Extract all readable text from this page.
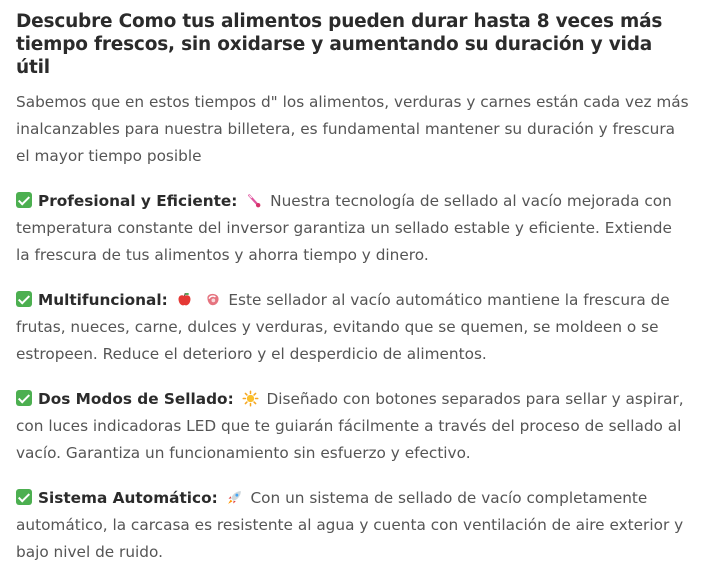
Descubre Como tus alimentos pueden durar hasta 8 veces más tiempo frescos, sin oxidarse y aumentando su duración y vida útil

Sabemos que en estos tiempos d" los alimentos, verduras y carnes están cada vez más inalcanzables para nuestra billetera, es fundamental mantener su duración y frescura el mayor tiempo posible

Profesional y Eficiente: Nuestra tecnología de sellado al vacío mejorada con temperatura constante del inversor garantiza un sellado estable y eficiente. Extiende la frescura de tus alimentos y ahorra tiempo y dinero.

Multifuncional:
	Este sellador al vacío automático mantiene la frescura de frutas, nueces, carne, dulces y verduras, evitando que se quemen, se moldeen o se estropeen. Reduce el deterioro y el desperdicio de alimentos.

Dos Modos de Sellado: Diseñado con botones separados para sellar y aspirar, con luces indicadoras LED que te guiarán fácilmente a través del proceso de sellado al vacío. Garantiza un funcionamiento sin esfuerzo y efectivo.

Sistema Automático: Con un sistema de sellado de vacío completamente automático, la carcasa es resistente al agua y cuenta con ventilación de aire exterior y bajo nivel de ruido.
